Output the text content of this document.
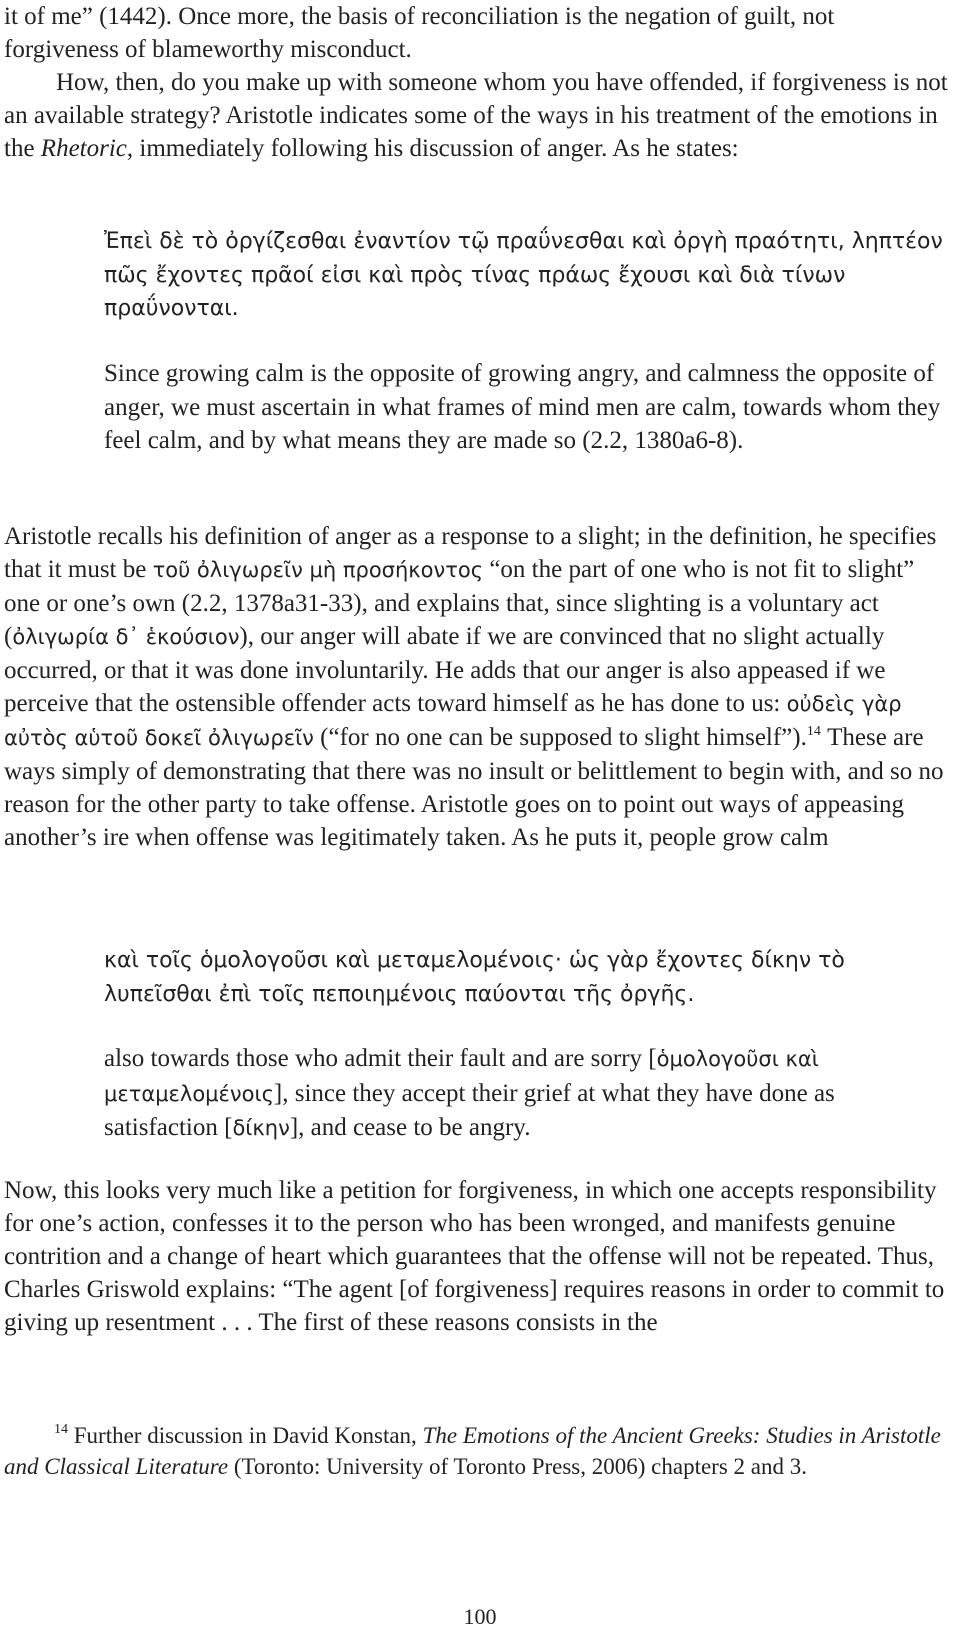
it of me” (1442). Once more, the basis of reconciliation is the negation of guilt, not forgiveness of blameworthy misconduct.
How, then, do you make up with someone whom you have offended, if forgiveness is not an available strategy? Aristotle indicates some of the ways in his treatment of the emotions in the Rhetoric, immediately following his discussion of anger. As he states:
Ἐπεὶ δὲ τὸ ὀργίζεσθαι ἐναντίον τῷ πραΰνεσθαι καὶ ὀργὴ πραότητι, ληπτέον πῶς ἔχοντες πρᾶοί εἰσι καὶ πρὸς τίνας πράως ἔχουσι καὶ διὰ τίνων πραΰνονται.
Since growing calm is the opposite of growing angry, and calmness the opposite of anger, we must ascertain in what frames of mind men are calm, towards whom they feel calm, and by what means they are made so (2.2, 1380a6-8).
Aristotle recalls his definition of anger as a response to a slight; in the definition, he specifies that it must be τοῦ ὀλιγωρεῖν μὴ προσήκοντος “on the part of one who is not fit to slight” one or one’s own (2.2, 1378a31-33), and explains that, since slighting is a voluntary act (ὀλιγωρία δ᾽ ἑκούσιον), our anger will abate if we are convinced that no slight actually occurred, or that it was done involuntarily. He adds that our anger is also appeased if we perceive that the ostensible offender acts toward himself as he has done to us: οὐδεὶς γὰρ αὐτὸς αὑτοῦ δοκεῖ ὀλιγωρεῖν (“for no one can be supposed to slight himself”).$^{14}$ These are ways simply of demonstrating that there was no insult or belittlement to begin with, and so no reason for the other party to take offense. Aristotle goes on to point out ways of appeasing another’s ire when offense was legitimately taken. As he puts it, people grow calm
καὶ τοῖς ὁμολογοῦσι καὶ μεταμελομένοις· ὡς γὰρ ἔχοντες δίκην τὸ λυπεῖσθαι ἐπὶ τοῖς πεποιημένοις παύονται τῆς ὀργῆς.
also towards those who admit their fault and are sorry [ὁμολογοῦσι καὶ μεταμελομένοις], since they accept their grief at what they have done as satisfaction [δίκην], and cease to be angry.
Now, this looks very much like a petition for forgiveness, in which one accepts responsibility for one’s action, confesses it to the person who has been wronged, and manifests genuine contrition and a change of heart which guarantees that the offense will not be repeated. Thus, Charles Griswold explains: “The agent [of forgiveness] requires reasons in order to commit to giving up resentment . . . The first of these reasons consists in the
$^{14}$ Further discussion in David Konstan, The Emotions of the Ancient Greeks: Studies in Aristotle and Classical Literature (Toronto: University of Toronto Press, 2006) chapters 2 and 3.
100
